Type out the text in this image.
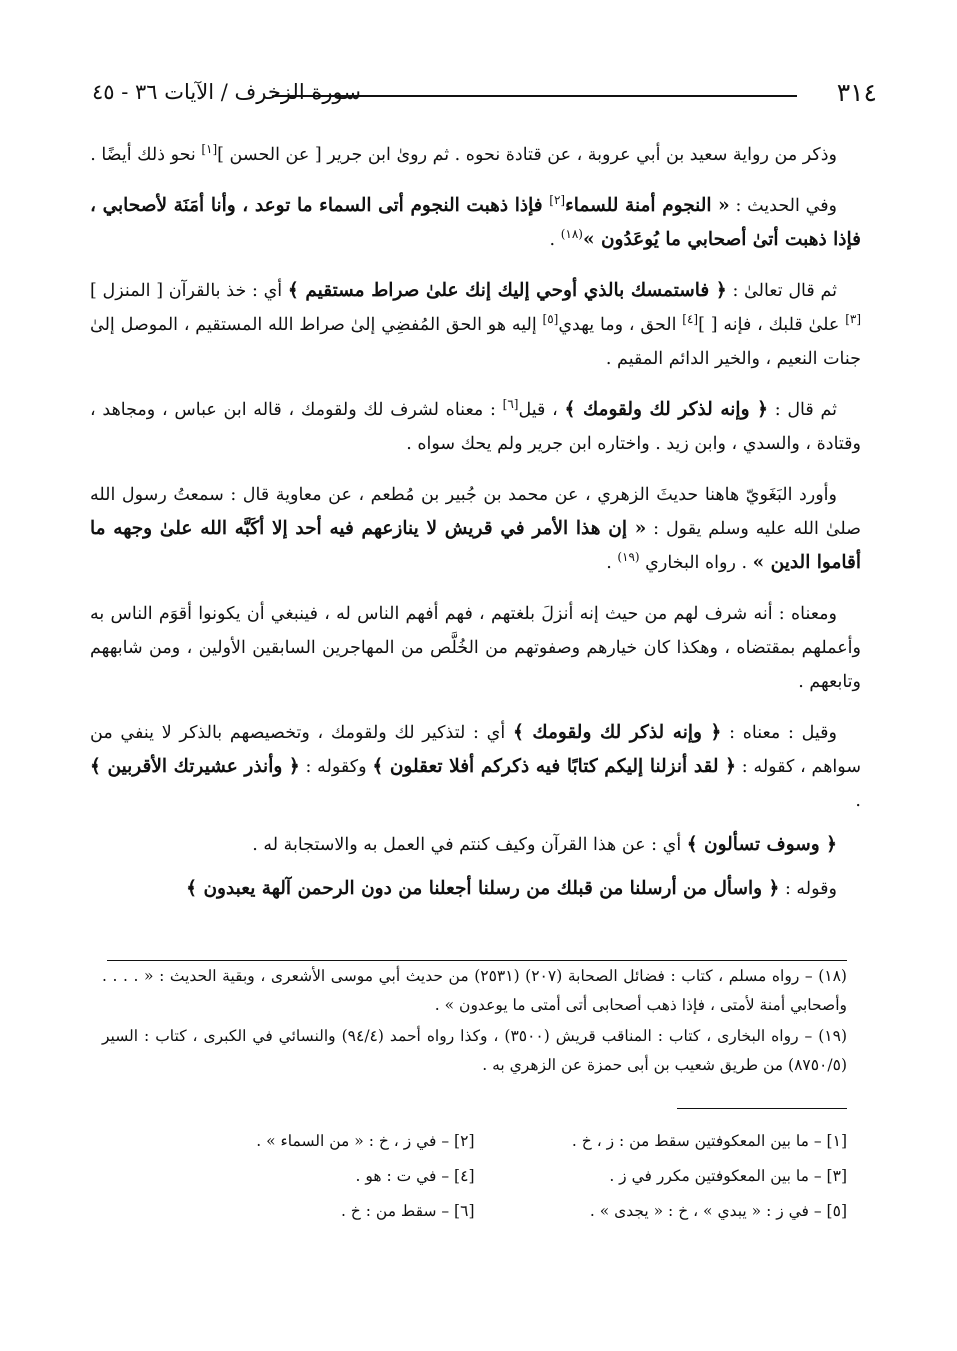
٣١٤
سورة الزخرف / الآيات ٣٦ - ٤٥

وذكر من رواية سعيد بن أبي عروبة ، عن قتادة نحوه . ثم روىٰ ابن جرير [ عن الحسن ][١] نحو ذلك أيضًا .

وفي الحديث : « النجوم أمنة للسماء[٢] فإذا ذهبت النجوم أتى السماء ما توعد ، وأنا أمَنَة لأصحابي ، فإذا ذهبت أتىٰ أصحابي ما يُوعَدُون »$^{(١٨)}$ .

ثم قال تعالىٰ : ﴿ فاستمسك بالذي أوحي إليك إنك علىٰ صراط مستقيم ﴾ أي : خذ بالقرآن [ المنزل ][٣] علىٰ قلبك ، فإنه [ ][٤] الحق ، وما يهدي[٥] إليه هو الحق المُفضِي إلىٰ صراط الله المستقيم ، الموصل إلىٰ جنات النعيم ، والخير الدائم المقيم .

ثم قال : ﴿ وإنه لذكر لك ولقومك ﴾ ، قيل[٦] : معناه لشرف لك ولقومك ، قاله ابن عباس ، ومجاهد ، وقتادة ، والسدي ، وابن زيد . واختاره ابن جرير ولم يحك سواه .

وأورد البَغَويّ هاهنا حديثَ الزهري ، عن محمد بن جُبير بن مُطعم ، عن معاوية قال : سمعتُ رسول الله صلىٰ الله عليه وسلم يقول : « إن هذا الأمر في قريش لا ينازعهم فيه أحد إلا أكَبَّه الله علىٰ وجهه ما أقاموا الدين » . رواه البخاري $^{(١٩)}$ .

ومعناه : أنه شرف لهم من حيث إنه أنزلَ بلغتهم ، فهم أفهم الناس له ، فينبغي أن يكونوا أقوَم الناس به وأعملهم بمقتضاه ، وهكذا كان خيارهم وصفوتهم من الخُلَّص من المهاجرين السابقين الأولين ، ومن شابههم وتابعهم .

وقيل : معناه : ﴿ وإنه لذكر لك ولقومك ﴾ أي : لتذكير لك ولقومك ، وتخصيصهم بالذكر لا ينفي من سواهم ، كقوله : ﴿ لقد أنزلنا إليكم كتابًا فيه ذكركم أفلا تعقلون ﴾ وكقوله : ﴿ وأنذر عشيرتك الأقربين ﴾ .

﴿ وسوف تسألون ﴾ أي : عن هذا القرآن وكيف كنتم في العمل به والاستجابة له .

وقوله : ﴿ واسأل من أرسلنا من قبلك من رسلنا أجعلنا من دون الرحمن آلهة يعبدون ﴾

(١٨) – رواه مسلم ، كتاب : فضائل الصحابة (٢٠٧) (٢٥٣١) من حديث أبي موسى الأشعرى ، وبقية الحديث : « . . . . وأصحابي أمنة لأمتى ، فإذا ذهب أصحابى أتى أمتى ما يوعدون » .

(١٩) – رواه البخارى ، كتاب : المناقب قريش (٣٥٠٠) ، وكذا رواه أحمد (٩٤/٤) والنسائي في الكبرى ، كتاب : السير (٨٧٥٠/٥) من طريق شعيب بن أبى حمزة عن الزهري به .

[١] – ما بين المعكوفتين سقط من : ز ، خ .
[٢] – في ز ، خ : « من السماء » .
[٣] – ما بين المعكوفتين مكرر في ز .
[٤] – في ت : هو .
[٥] – في ز : « يبدي » ، خ : « يجدى » .
[٦] – سقط من : خ .
